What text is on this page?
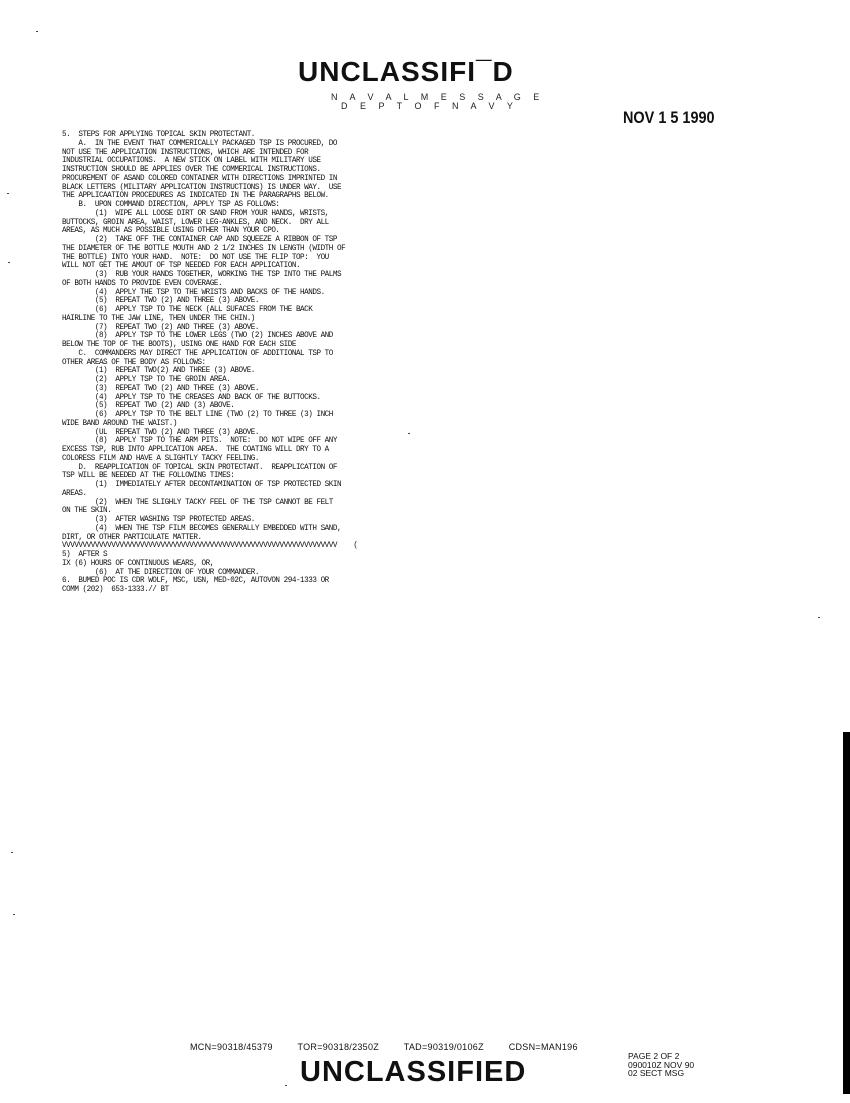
UNCLASSIFI¯D
N A V A L M E S S A G E
D E P T O F N A V Y
NOV 1 5 1990
5.  STEPS FOR APPLYING TOPICAL SKIN PROTECTANT.
A.  IN THE EVENT THAT COMMERICALLY PACKAGED TSP IS PROCURED, DO
NOT USE THE APPLICATION INSTRUCTIONS, WHICH ARE INTENDED FOR
INDUSTRIAL OCCUPATIONS.  A NEW STICK ON LABEL WITH MILITARY USE
INSTRUCTION SHOULD BE APPLIES OVER THE COMMERICAL INSTRUCTIONS.
PROCUREMENT OF ASAND COLORED CONTAINER WITH DIRECTIONS IMPRINTED IN
BLACK LETTERS (MILITARY APPLICATION INSTRUCTIONS) IS UNDER WAY.  USE
THE APPLICAATION PROCEDURES AS INDICATED IN THE PARAGRAPHS BELOW.
B.  UPON COMMAND DIRECTION, APPLY TSP AS FOLLOWS:
(1)  WIPE ALL LOOSE DIRT OR SAND FROM YOUR HANDS, WRISTS,
BUTTOCKS, GROIN AREA, WAIST, LOWER LEG-ANKLES, AND NECK.  DRY ALL
AREAS, AS MUCH AS POSSIBLE USING OTHER THAN YOUR CPO.
(2)  TAKE OFF THE CONTAINER CAP AND SQUEEZE A RIBBON OF TSP
THE DIAMETER OF THE BOTTLE MOUTH AND 2 1/2 INCHES IN LENGTH (WIDTH OF
THE BOTTLE) INTO YOUR HAND.  NOTE:  DO NOT USE THE FLIP TOP:  YOU
WILL NOT GET THE AMOUT OF TSP NEEDED FOR EACH APPLICATION.
(3)  RUB YOUR HANDS TOGETHER, WORKING THE TSP INTO THE PALMS
OF BOTH HANDS TO PROVIDE EVEN COVERAGE.
(4)  APPLY THE TSP TO THE WRISTS AND BACKS OF THE HANDS.
(5)  REPEAT TWO (2) AND THREE (3) ABOVE.
(6)  APPLY TSP TO THE NECK (ALL SUFACES FROM THE BACK
HAIRLINE TO THE JAW LINE, THEN UNDER THE CHIN.)
(7)  REPEAT TWO (2) AND THREE (3) ABOVE.
(8)  APPLY TSP TO THE LOWER LEGS (TWO (2) INCHES ABOVE AND
BELOW THE TOP OF THE BOOTS), USING ONE HAND FOR EACH SIDE
C.  COMMANDERS MAY DIRECT THE APPLICATION OF ADDITIONAL TSP TO
OTHER AREAS OF THE BODY AS FOLLOWS:
(1)  REPEAT TWO(2) AND THREE (3) ABOVE.
(2)  APPLY TSP TO THE GROIN AREA.
(3)  REPEAT TWO (2) AND THREE (3) ABOVE.
(4)  APPLY TSP TO THE CREASES AND BACK OF THE BUTTOCKS.
(5)  REPEAT TWO (2) AND (3) ABOVE.
(6)  APPLY TSP TO THE BELT LINE (TWO (2) TO THREE (3) INCH
WIDE BAND AROUND THE WAIST.)
(UL  REPEAT TWO (2) AND THREE (3) ABOVE.
(8)  APPLY TSP TO THE ARM PITS.  NOTE:  DO NOT WIPE OFF ANY
EXCESS TSP, RUB INTO APPLICATION AREA.  THE COATING WILL DRY TO A
COLORESS FILM AND HAVE A SLIGHTLY TACKY FEELING.
D.  REAPPLICATION OF TOPICAL SKIN PROTECTANT.  REAPPLICATION OF
TSP WILL BE NEEDED AT THE FOLLOWING TIMES:
(1)  IMMEDIATELY AFTER DECONTAMINATION OF TSP PROTECTED SKIN
AREAS.
(2)  WHEN THE SLIGHLY TACKY FEEL OF THE TSP CANNOT BE FELT
ON THE SKIN.
(3)  AFTER WASHING TSP PROTECTED AREAS.
(4)  WHEN THE TSP FILM BECOMES GENERALLY EMBEDDED WITH SAND,
DIRT, OR OTHER PARTICULATE MATTER.
VVVVVVVVVVVVVVVVVVVVVVVVVVVVVVVVVVVVVVVVVVVVVVVVVVVVVVVVVVVVVVVVVVV    (
5)  AFTER S
IX (6) HOURS OF CONTINUOUS WEARS, OR,
(6)  AT THE DIRECTION OF YOUR COMMANDER.
6.  BUMED POC IS CDR WOLF, MSC, USN, MED-02C, AUTOVON 294-1333 OR
COMM (202)  653-1333.// BT
MCN=90318/45379	TOR=90318/2350Z	TAD=90319/0106Z	CDSN=MAN196
PAGE 2 OF 2
090010Z NOV 90
02 SECT MSG
UNCLASSIFIED
